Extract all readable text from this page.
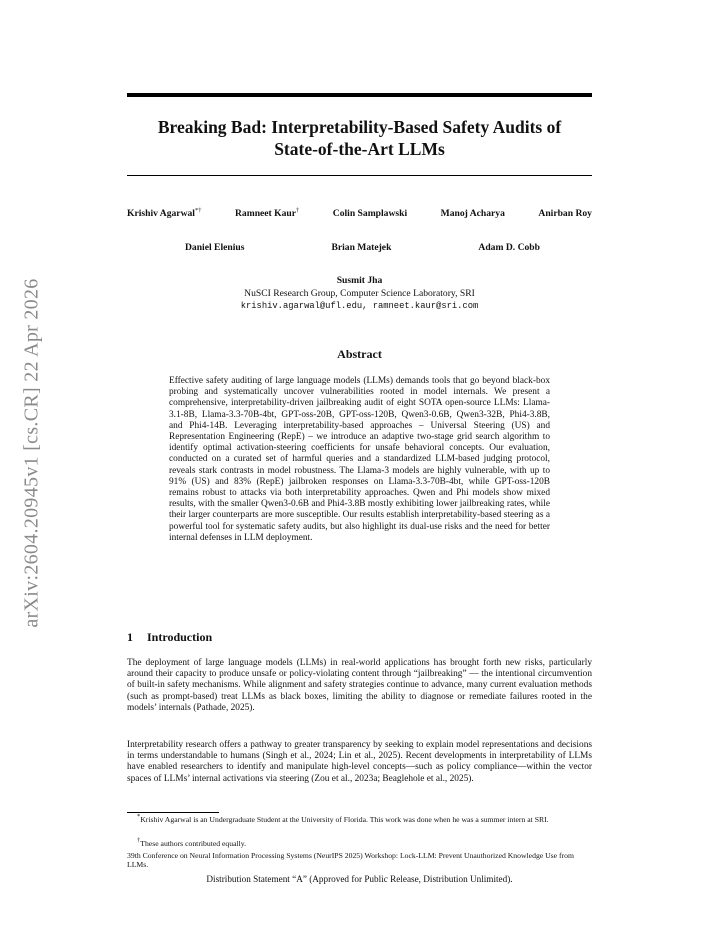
arXiv:2604.20945v1 [cs.CR] 22 Apr 2026
Breaking Bad: Interpretability-Based Safety Audits of
State-of-the-Art LLMs
Krishiv Agarwal*†	Ramneet Kaur†	Colin Samplawski	Manoj Acharya	Anirban Roy
Daniel Elenius	Brian Matejek	Adam D. Cobb
Susmit Jha
NuSCI Research Group, Computer Science Laboratory, SRI
krishiv.agarwal@ufl.edu, ramneet.kaur@sri.com
Abstract
Effective safety auditing of large language models (LLMs) demands tools that go beyond black-box probing and systematically uncover vulnerabilities rooted in model internals. We present a comprehensive, interpretability-driven jailbreaking audit of eight SOTA open-source LLMs: Llama-3.1-8B, Llama-3.3-70B-4bt, GPT-oss-20B, GPT-oss-120B, Qwen3-0.6B, Qwen3-32B, Phi4-3.8B, and Phi4-14B. Leveraging interpretability-based approaches – Universal Steering (US) and Representation Engineering (RepE) – we introduce an adaptive two-stage grid search algorithm to identify optimal activation-steering coefficients for unsafe behavioral concepts. Our evaluation, conducted on a curated set of harmful queries and a standardized LLM-based judging protocol, reveals stark contrasts in model robustness. The Llama-3 models are highly vulnerable, with up to 91% (US) and 83% (RepE) jailbroken responses on Llama-3.3-70B-4bt, while GPT-oss-120B remains robust to attacks via both interpretability approaches. Qwen and Phi models show mixed results, with the smaller Qwen3-0.6B and Phi4-3.8B mostly exhibiting lower jailbreaking rates, while their larger counterparts are more susceptible. Our results establish interpretability-based steering as a powerful tool for systematic safety audits, but also highlight its dual-use risks and the need for better internal defenses in LLM deployment.
1 Introduction
The deployment of large language models (LLMs) in real-world applications has brought forth new risks, particularly around their capacity to produce unsafe or policy-violating content through “jailbreaking” — the intentional circumvention of built-in safety mechanisms. While alignment and safety strategies continue to advance, many current evaluation methods (such as prompt-based) treat LLMs as black boxes, limiting the ability to diagnose or remediate failures rooted in the models’ internals (Pathade, 2025).
Interpretability research offers a pathway to greater transparency by seeking to explain model representations and decisions in terms understandable to humans (Singh et al., 2024; Lin et al., 2025). Recent developments in interpretability of LLMs have enabled researchers to identify and manipulate high-level concepts—such as policy compliance—within the vector spaces of LLMs’ internal activations via steering (Zou et al., 2023a; Beaglehole et al., 2025).
*Krishiv Agarwal is an Undergraduate Student at the University of Florida. This work was done when he was a summer intern at SRI.
†These authors contributed equally.
39th Conference on Neural Information Processing Systems (NeurIPS 2025) Workshop: Lock-LLM: Prevent Unauthorized Knowledge Use from LLMs.
Distribution Statement “A” (Approved for Public Release, Distribution Unlimited).
